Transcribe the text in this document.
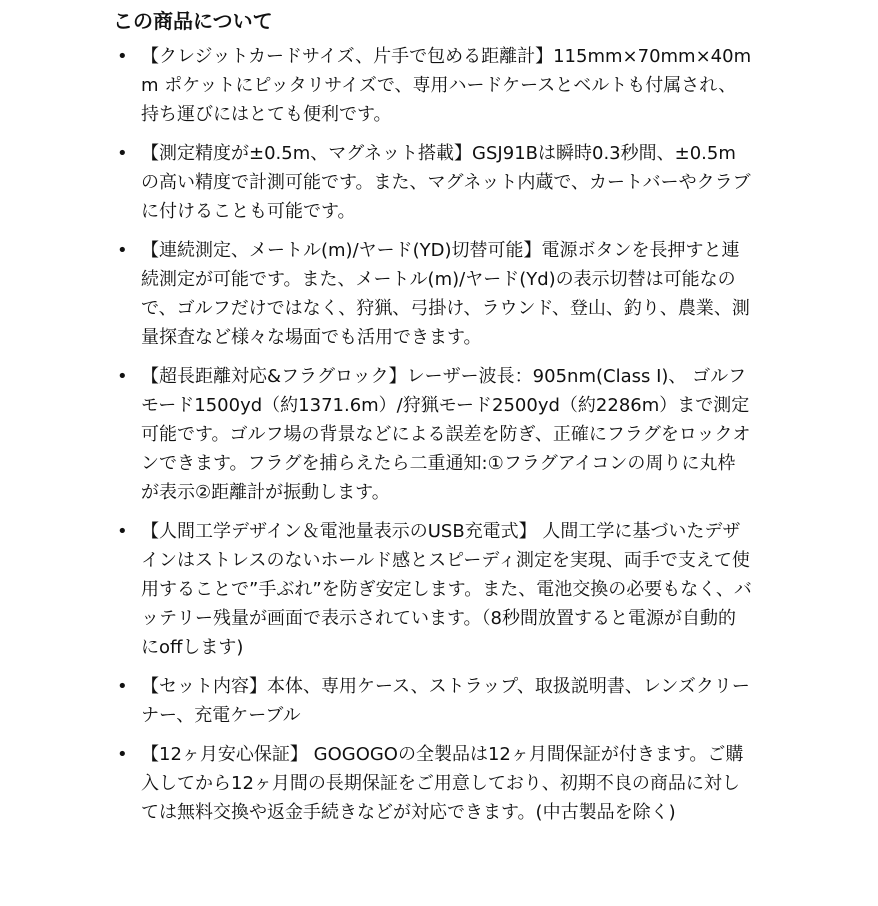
この商品について
• 【クレジットカードサイズ、片手で包める距離計】115mm×70mm×40mm ポケットにピッタリサイズで、専用ハードケースとベルトも付属され、持ち運びにはとても便利です。
• 【測定精度が±0.5m、マグネット搭載】GSJ91Bは瞬時0.3秒間、±0.5mの高い精度で計測可能です。また、マグネット内蔵で、カートバーやクラブに付けることも可能です。
• 【連続測定、メートル(m)/ヤード(YD)切替可能】電源ボタンを長押すと連続測定が可能です。また、メートル(m)/ヤード(Yd)の表示切替は可能なので、ゴルフだけではなく、狩猟、弓掛け、ラウンド、登山、釣り、農業、測量探査など様々な場面でも活用できます。
• 【超長距離対応&フラグロック】レーザー波長：905nm(Class Ⅰ)、 ゴルフモード1500yd（約1371.6m）/狩猟モード2500yd（約2286m）まで測定可能です。ゴルフ場の背景などによる誤差を防ぎ、正確にフラグをロックオンできます。フラグを捕らえたら二重通知:①フラグアイコンの周りに丸枠が表示②距離計が振動します。
• 【人間工学デザイン＆電池量表示のUSB充電式】 人間工学に基づいたデザインはストレスのないホールド感とスピーディ測定を実現、両手で支えて使用することで”手ぶれ”を防ぎ安定します。また、電池交換の必要もなく、バッテリー残量が画面で表示されています。（8秒間放置すると電源が自動的にoffします)
• 【セット内容】本体、専用ケース、ストラップ、取扱説明書、レンズクリーナー、充電ケーブル
• 【12ヶ月安心保証】 GOGOGOの全製品は12ヶ月間保証が付きます。ご購入してから12ヶ月間の長期保証をご用意しており、初期不良の商品に対しては無料交換や返金手続きなどが対応できます。(中古製品を除く)
